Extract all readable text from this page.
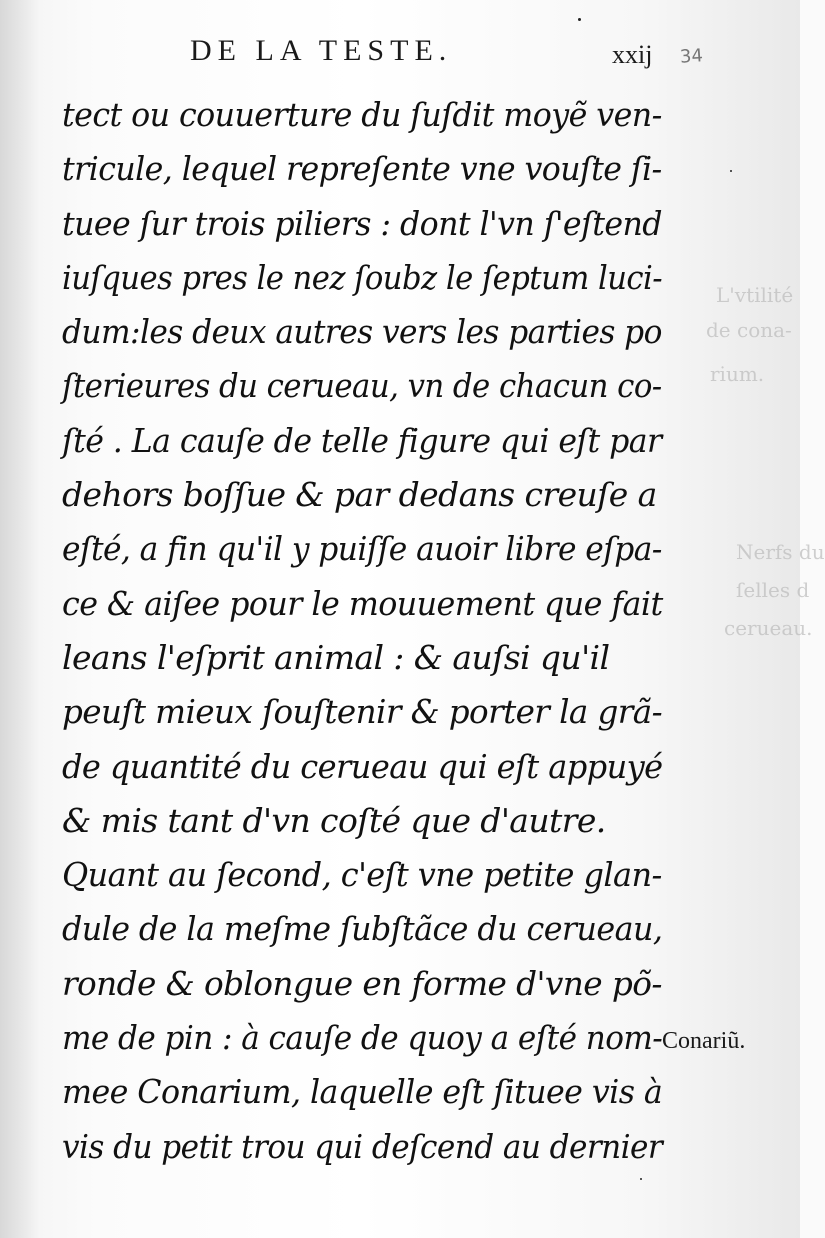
L'vtilité
de cona-
rium.
Nerfs du
ſelles d
cerueau.
DE LA TESTE.	xxij 34
tect ou couuerture du ſuſdit moyẽ ven-
tricule, lequel repreſente vne vouſte ſi-
tuee ſur trois piliers : dont l'vn ſ'eſtend
iuſques pres le nez ſoubz le ſeptum luci-
dum:les deux autres vers les parties po
ſterieures du cerueau, vn de chacun co-
ſté . La cauſe de telle figure qui eſt par
dehors boſſue & par dedans creuſe a
eſté, a fin qu'il y puiſſe auoir libre eſpa-
ce & aiſee pour le mouuement que fait
leans l'eſprit animal : & auſsi qu'il
peuſt mieux ſouſtenir & porter la grã-
de quantité du cerueau qui eſt appuyé
& mis tant d'vn coſté que d'autre.
Quant au ſecond, c'eſt vne petite glan-
dule de la meſme ſubſtãce du cerueau,
ronde & oblongue en forme d'vne põ-
me de pin : à cauſe de quoy a eſté nom-
mee Conarium, laquelle eſt ſituee vis à
vis du petit trou qui deſcend au dernier
Conariũ.
